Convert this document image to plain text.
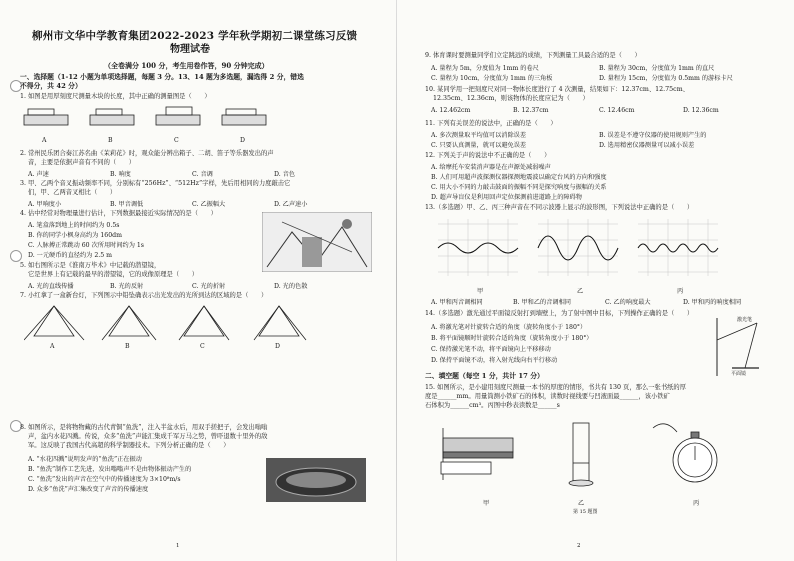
柳州市文华中学教育集团2022-2023 学年秋学期初二课堂练习反馈
物理试卷
（全卷满分 100 分，考生用卷作答，90 分钟完成）
一、选择题（1-12 小题为单项选择题，每题 3 分。13、14 题为多选题，漏选得 2 分，错选
不得分，共 42 分）
1. 如图是用厚刻度尺测量木块的长度，其中正确的测量图是（　　）
A	B	C	D
2. 常州民乐团合奏江苏名曲《茉莉花》时，观众能分辨出箱子、二胡、笛子等乐器发出的声
音，主要是依据声音有不同的（　　）
A. 声速	B. 响度	C. 音调	D. 音色
3. 甲、乙两个音叉振动频率不同，分别标有“256Hz”、“512Hz”字样，先后用相同的力度敲击它
们，甲、乙两音叉相比（　　）
A. 甲响度小	B. 甲音调低	C. 乙振幅大	D. 乙声速小
4. 估中经常对物理量进行估计，下列数据最接近实际情况的是（　　）
A. 笔盒落到地上的时间约为 0.5s
B. 你的同学小枫身高约为 160dm
C. 人脉搏正常跳动 60 次所用时间约为 1s
D. 一元硬币的直径约为 2.5 m
5. 如右图所示是《淮南万毕术》中记载的潜望镜，
它是世界上有记载的最早的潜望镜，它的成像原理是（　　）
A. 光的直线传播	B. 光的反射	C. 光的折射	D. 光的色散
7. 小红拿了一盒新台灯，下列图示中铅坠确表示出光发出的光所到达的区域的是（　　）
A	B	C	D
8. 如图所示，是将物物藏的古代青铜“鱼洗”，注入半盆水后，用双手搓把子，会发出嗡嗡
声，盆内水花四溅。传说，众多“鱼洗”声能汇集成千军万马之势，曾吓退数十里外的敌
军。这反映了我国古代高超的科学制器技术。下列分析正确的是（　　）
A. “水花四溅”说明发声的“鱼洗”正在振动
B. “鱼洗”制作工艺先进，发出嗡嗡声不是由物体振动产生的
C. “鱼洗”发出的声音在空气中的传播速度为 3×10⁸m/s
D. 众多“鱼洗”声汇集改变了声音的传播速度
1
9. 体育课时要测量同学们立定跳远的成绩，下列测量工具最合适的是（　　）
A. 量程为 5m，分度值为 1mm 的卷尺	B. 量程为 30cm，分度值为 1mm 的直尺
C. 量程为 10cm，分度值为 1mm 的三角板	D. 量程为 15cm，分度值为 0.5mm 的游标卡尺
10. 某同学用一把刻度尺对同一物体长度进行了 4 次测量，结果如下：12.37cm、12.75cm、
12.35cm、12.36cm，则该物体的长度应记为（　　）
A. 12.462cm	B. 12.37cm	C. 12.46cm	D. 12.36cm
11. 下列有关误差的说法中，正确的是（　　）
A. 多次测量取平均值可以消除误差	B. 误差是不遵守仪器的使用规则产生的
C. 只要认真测量，就可以避免误差	D. 选用精密仪器测量可以减小误差
12. 下列关于声的说法中不正确的是（　　）
A. 给摩托车安装消声器是在声源处减弱噪声
B. 人们可用超声波探测仪器探测地震波以确定台风的方向和强度
C. 用大小不同的力敲击鼓面的振幅不同是探究响度与振幅的关系
D. 超声导盲仪是利用回声定位探测前进道路上的障碍物
13.（多选题）甲、乙、丙三种声音在不同示波器上显示的波形图，下列说法中正确的是（　　）
甲	乙	丙
A. 甲和丙音调相同	B. 甲和乙的音调相同	C. 乙的响度最大	D. 甲和丙的响度相同
14.（多选题）激光通过平面镜反射打到墙壁上，为了射中图中目标，下列操作正确的是（　　）
A. 将激光笔对针旋转合适的角度（旋转角度小于 180°）
B. 将平面镜顺时针旋转合适的角度（旋转角度小于 180°）
C. 保持激光笔不动，将平面镜向上平移移动
D. 保持平面镜不动，将入射光线向右平行移动
激光笔
平面镜
二、填空题（每空 1 分，共计 17 分）
15. 如图所示，是小建用刻度尺测量一本书的厚度的情形，书共有 130 页，那么一张书纸的厚
度是______mm。用量筒测小铁矿石的体积，读数时视线要与凹液面最______，该小铁矿
石体积为______cm³。丙图中秒表读数是______s
甲	乙	丙
第 15 题图
2
